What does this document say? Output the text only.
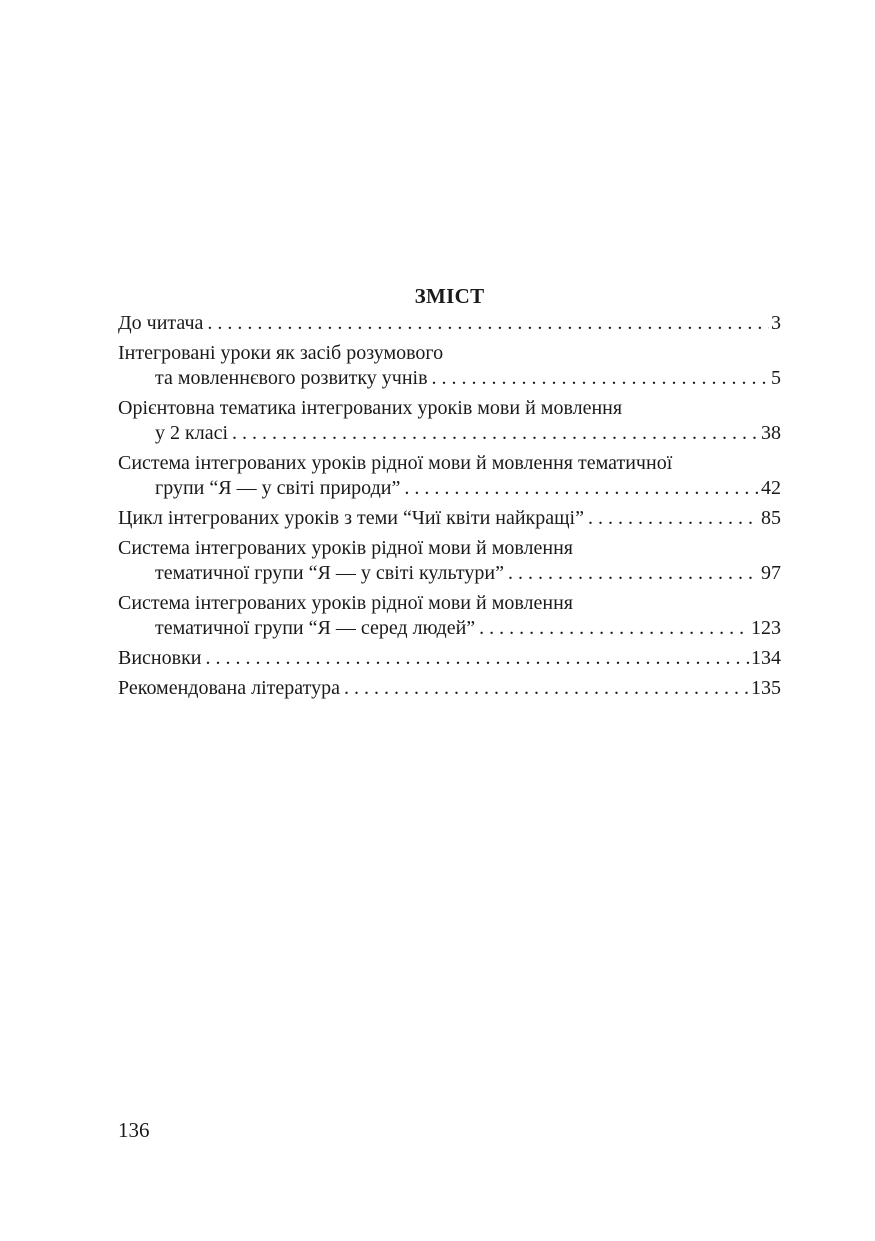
ЗМІСТ
До читача . . .	3
Інтегровані уроки як засіб розумового
та мовленнєвого розвитку учнів . . .	5
Орієнтовна тематика інтегрованих уроків мови й мовлення
у 2 класі . . .	38
Система інтегрованих уроків рідної мови й мовлення тематичної
групи “Я — у світі природи” . . .	42
Цикл інтегрованих уроків з теми “Чиї квіти найкращі” . . .	85
Система інтегрованих уроків рідної мови й мовлення
тематичної групи “Я — у світі культури” . . .	97
Система інтегрованих уроків рідної мови й мовлення
тематичної групи “Я — серед людей” . . .	123
Висновки . . .	134
Рекомендована література . . .	135
136
